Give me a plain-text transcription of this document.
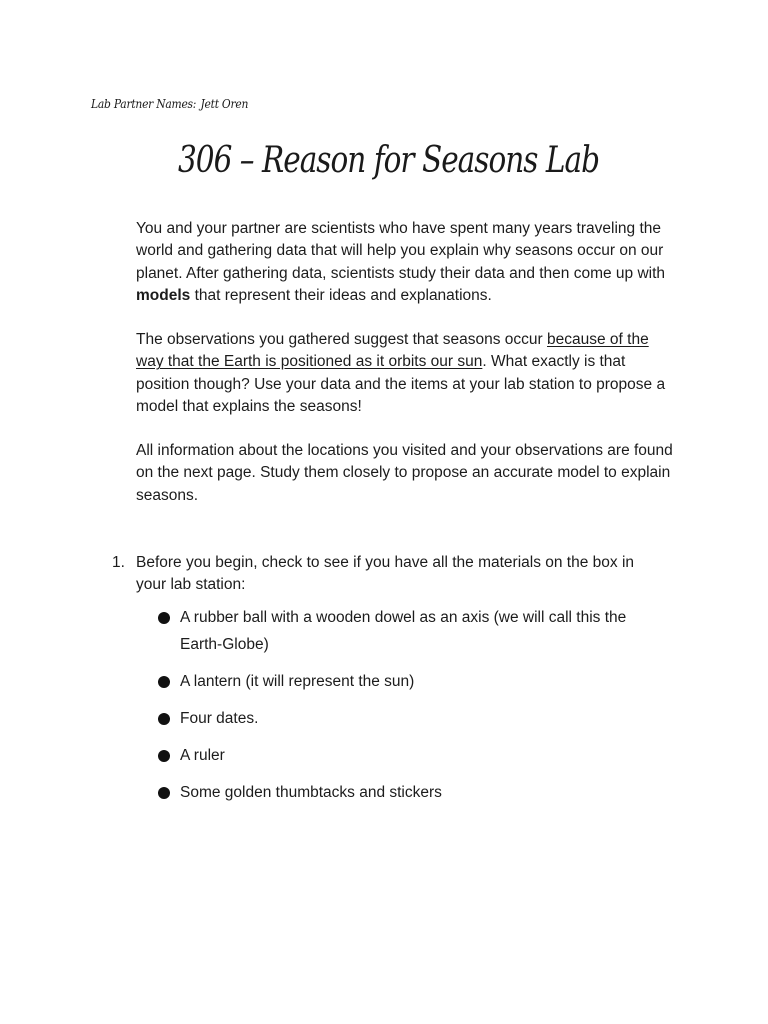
Lab Partner Names: Jett Oren
306 – Reason for Seasons Lab

You and your partner are scientists who have spent many years traveling the world and gathering data that will help you explain why seasons occur on our planet. After gathering data, scientists study their data and then come up with models that represent their ideas and explanations.

The observations you gathered suggest that seasons occur because of the way that the Earth is positioned as it orbits our sun. What exactly is that position though? Use your data and the items at your lab station to propose a model that explains the seasons!

All information about the locations you visited and your observations are found on the next page. Study them closely to propose an accurate model to explain seasons.

1. Before you begin, check to see if you have all the materials on the box in your lab station:
A rubber ball with a wooden dowel as an axis (we will call this the Earth-Globe)
A lantern (it will represent the sun)
Four dates.
A ruler
Some golden thumbtacks and stickers
